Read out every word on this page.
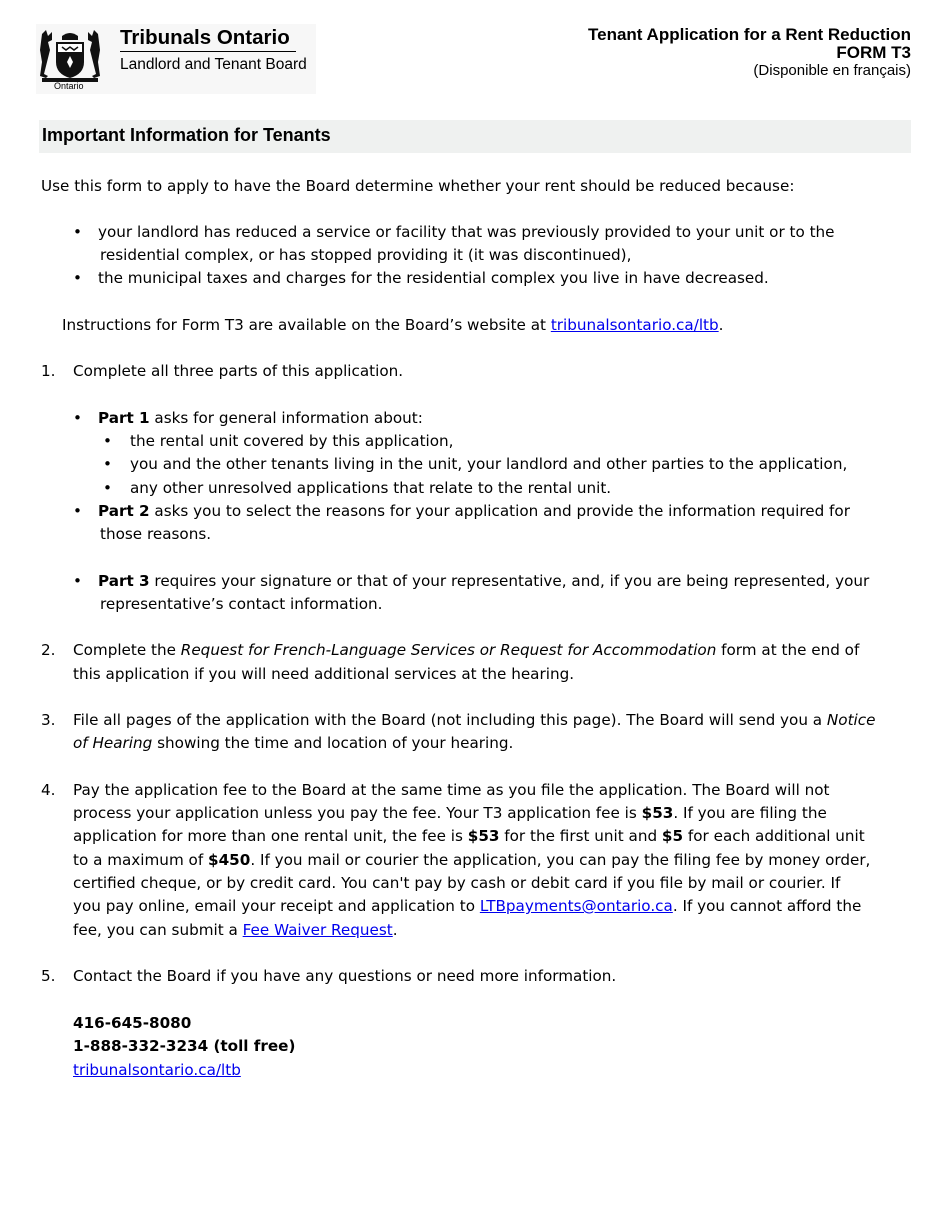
Ontario
Tribunals Ontario
Landlord and Tenant Board
Tenant Application for a Rent Reduction
FORM T3
(Disponible en français)
Important Information for Tenants
Use this form to apply to have the Board determine whether your rent should be reduced because:
• your landlord has reduced a service or facility that was previously provided to your unit or to the
residential complex, or has stopped providing it (it was discontinued),
• the municipal taxes and charges for the residential complex you live in have decreased.
Instructions for Form T3 are available on the Board’s website at tribunalsontario.ca/ltb.
1. Complete all three parts of this application.
• Part 1 asks for general information about:
• the rental unit covered by this application,
• you and the other tenants living in the unit, your landlord and other parties to the application,
• any other unresolved applications that relate to the rental unit.
• Part 2 asks you to select the reasons for your application and provide the information required for
those reasons.
• Part 3 requires your signature or that of your representative, and, if you are being represented, your
representative’s contact information.
2. Complete the Request for French-Language Services or Request for Accommodation form at the end of
this application if you will need additional services at the hearing.
3. File all pages of the application with the Board (not including this page). The Board will send you a Notice
of Hearing showing the time and location of your hearing.
4. Pay the application fee to the Board at the same time as you file the application. The Board will not
process your application unless you pay the fee. Your T3 application fee is $53. If you are filing the
application for more than one rental unit, the fee is $53 for the first unit and $5 for each additional unit
to a maximum of $450. If you mail or courier the application, you can pay the filing fee by money order,
certified cheque, or by credit card. You can't pay by cash or debit card if you file by mail or courier. If
you pay online, email your receipt and application to LTBpayments@ontario.ca. If you cannot afford the
fee, you can submit a Fee Waiver Request.
5. Contact the Board if you have any questions or need more information.
416-645-8080
1-888-332-3234 (toll free)
tribunalsontario.ca/ltb
